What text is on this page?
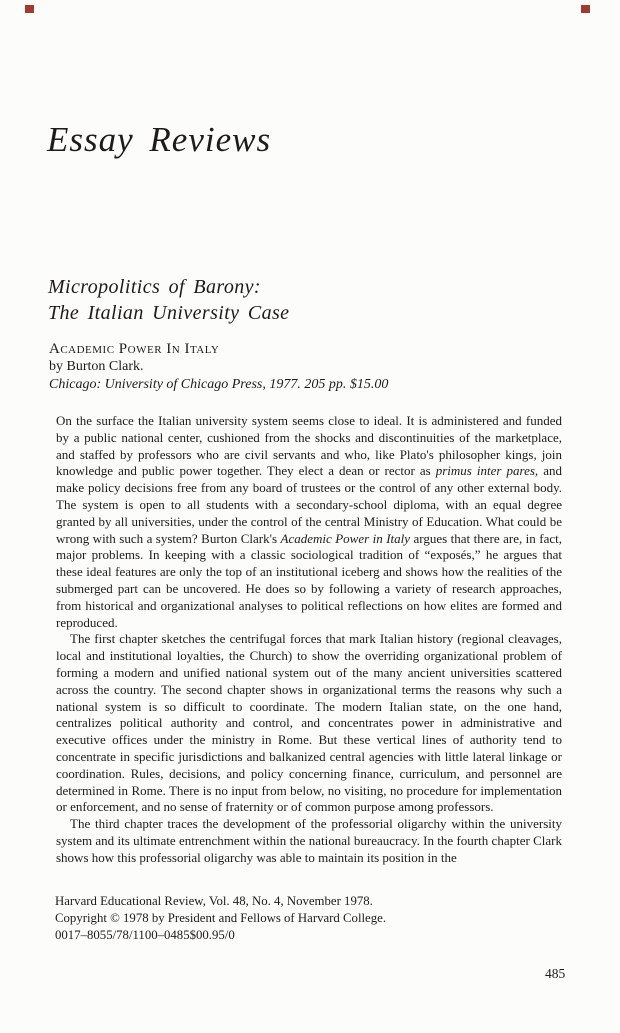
Essay Reviews
Micropolitics of Barony:
The Italian University Case
Academic Power In Italy
by Burton Clark.
Chicago: University of Chicago Press, 1977. 205 pp. $15.00

On the surface the Italian university system seems close to ideal. It is administered and funded by a public national center, cushioned from the shocks and discontinuities of the marketplace, and staffed by professors who are civil servants and who, like Plato's philosopher kings, join knowledge and public power together. They elect a dean or rector as primus inter pares, and make policy decisions free from any board of trustees or the control of any other external body. The system is open to all students with a secondary-school diploma, with an equal degree granted by all universities, under the control of the central Ministry of Education. What could be wrong with such a system? Burton Clark's Academic Power in Italy argues that there are, in fact, major problems. In keeping with a classic sociological tradition of “exposés,” he argues that these ideal features are only the top of an institutional iceberg and shows how the realities of the submerged part can be uncovered. He does so by following a variety of research approaches, from historical and organizational analyses to political reflections on how elites are formed and reproduced.

The first chapter sketches the centrifugal forces that mark Italian history (regional cleavages, local and institutional loyalties, the Church) to show the overriding organizational problem of forming a modern and unified national system out of the many ancient universities scattered across the country. The second chapter shows in organizational terms the reasons why such a national system is so difficult to coordinate. The modern Italian state, on the one hand, centralizes political authority and control, and concentrates power in administrative and executive offices under the ministry in Rome. But these vertical lines of authority tend to concentrate in specific jurisdictions and balkanized central agencies with little lateral linkage or coordination. Rules, decisions, and policy concerning finance, curriculum, and personnel are determined in Rome. There is no input from below, no visiting, no procedure for implementation or enforcement, and no sense of fraternity or of common purpose among professors.

The third chapter traces the development of the professorial oligarchy within the university system and its ultimate entrenchment within the national bureaucracy. In the fourth chapter Clark shows how this professorial oligarchy was able to maintain its position in the

Harvard Educational Review, Vol. 48, No. 4, November 1978.
Copyright © 1978 by President and Fellows of Harvard College.
0017–8055/78/1100–0485$00.95/0
485
